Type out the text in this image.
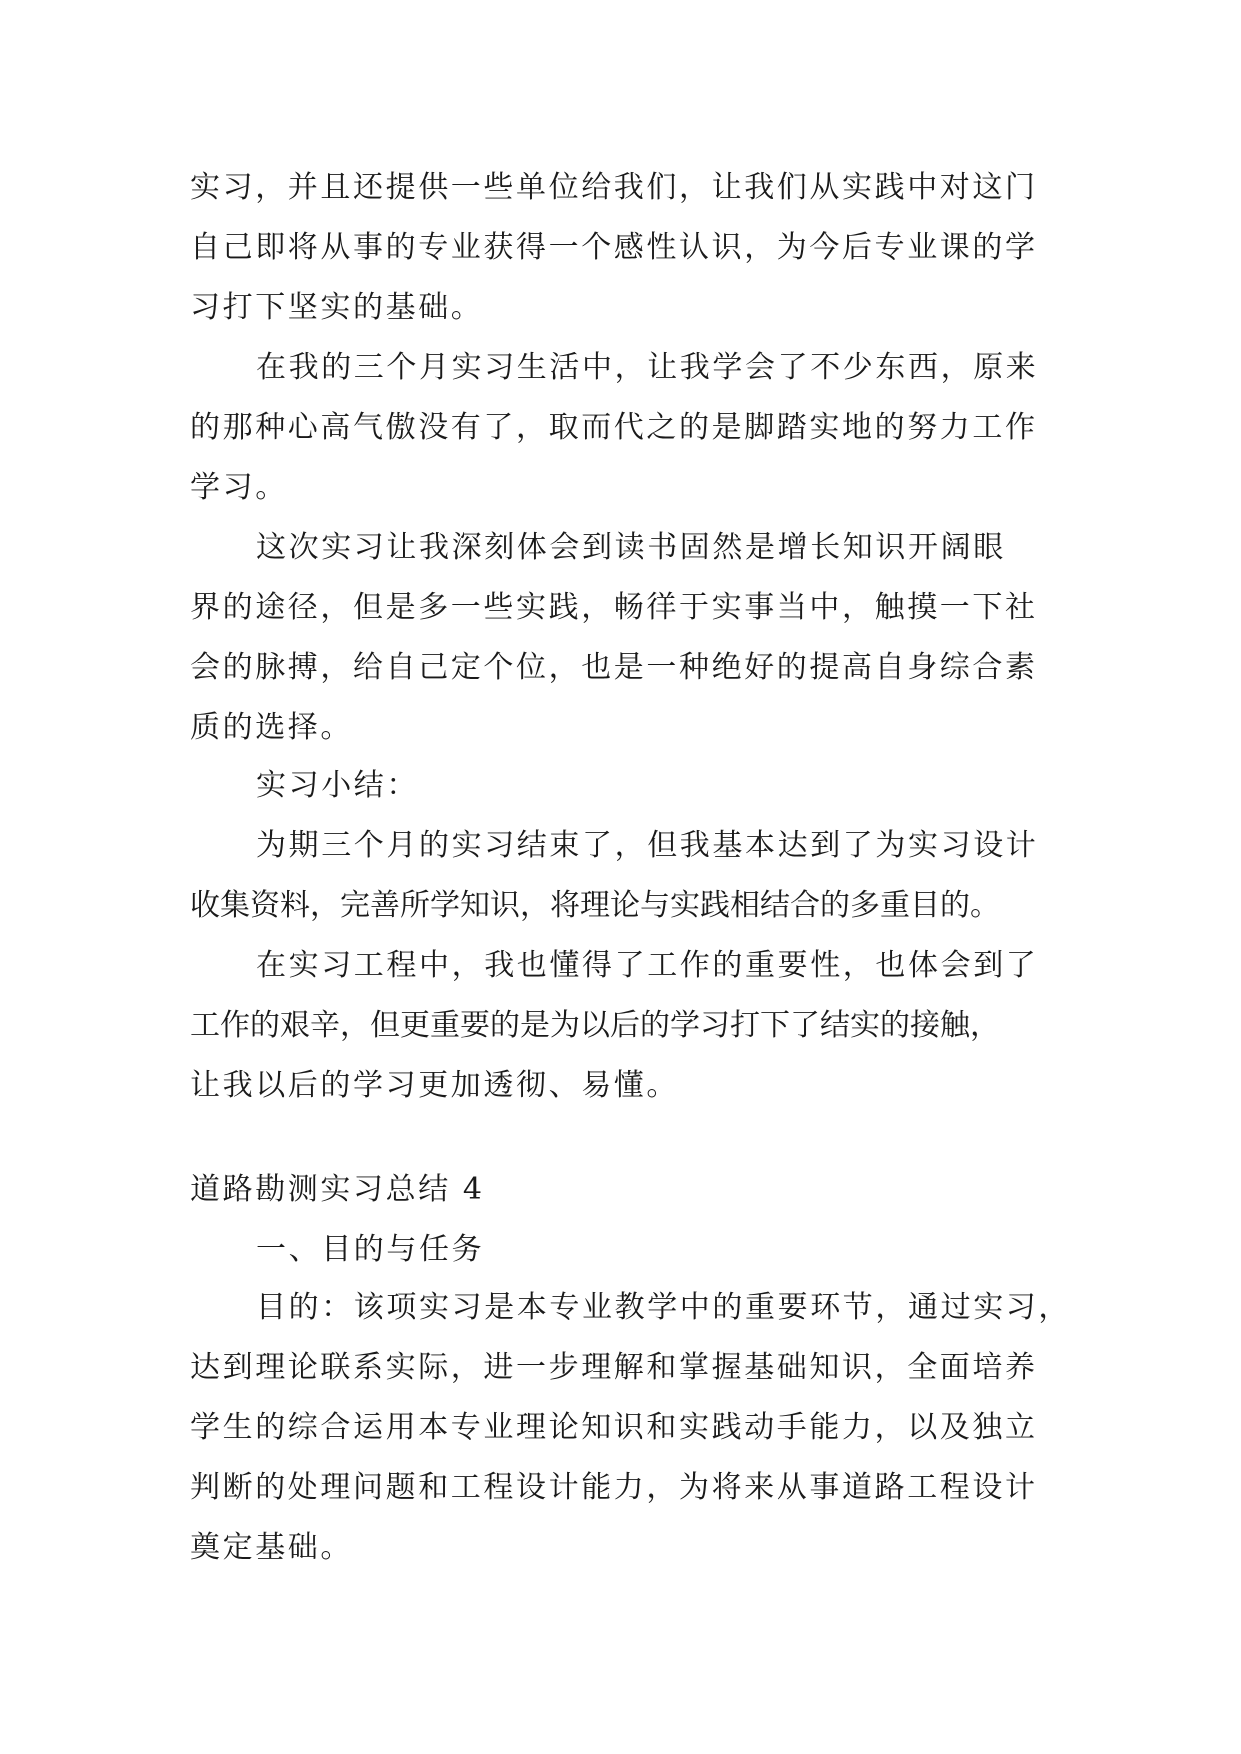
实习，并且还提供一些单位给我们，让我们从实践中对这门
自己即将从事的专业获得一个感性认识，为今后专业课的学
习打下坚实的基础。
在我的三个月实习生活中，让我学会了不少东西，原来
的那种心高气傲没有了，取而代之的是脚踏实地的努力工作
学习。
这次实习让我深刻体会到读书固然是增长知识开阔眼
界的途径，但是多一些实践，畅徉于实事当中，触摸一下社
会的脉搏，给自己定个位，也是一种绝好的提高自身综合素
质的选择。
实习小结：
为期三个月的实习结束了，但我基本达到了为实习设计
收集资料，完善所学知识，将理论与实践相结合的多重目的。
在实习工程中，我也懂得了工作的重要性，也体会到了
工作的艰辛，但更重要的是为以后的学习打下了结实的接触，
让我以后的学习更加透彻、易懂。
道路勘测实习总结 4
一、目的与任务
目的：该项实习是本专业教学中的重要环节，通过实习，
达到理论联系实际，进一步理解和掌握基础知识，全面培养
学生的综合运用本专业理论知识和实践动手能力，以及独立
判断的处理问题和工程设计能力，为将来从事道路工程设计
奠定基础。
